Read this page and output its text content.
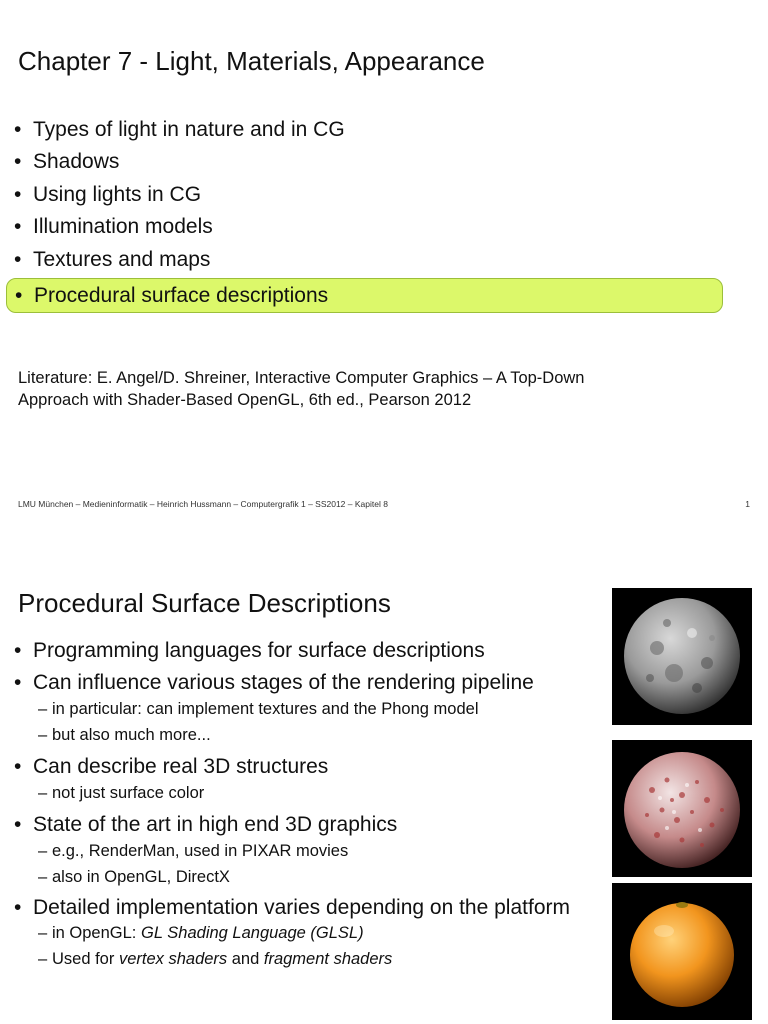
Chapter 7 - Light, Materials, Appearance
• Types of light in nature and in CG
• Shadows
• Using lights in CG
• Illumination models
• Textures and maps
• Procedural surface descriptions
Literature: E. Angel/D. Shreiner, Interactive Computer Graphics – A Top-Down
Approach with Shader-Based OpenGL, 6th ed., Pearson 2012
LMU München – Medieninformatik – Heinrich Hussmann – Computergrafik 1 – SS2012 – Kapitel 8	1
Procedural Surface Descriptions
• Programming languages for surface descriptions
• Can influence various stages of the rendering pipeline
– in particular: can implement textures and the Phong model
– but also much more...
• Can describe real 3D structures
– not just surface color
• State of the art in high end 3D graphics
– e.g., RenderMan, used in PIXAR movies
– also in OpenGL, DirectX
• Detailed implementation varies depending on the platform
– in OpenGL: GL Shading Language (GLSL)
– Used for vertex shaders and fragment shaders
